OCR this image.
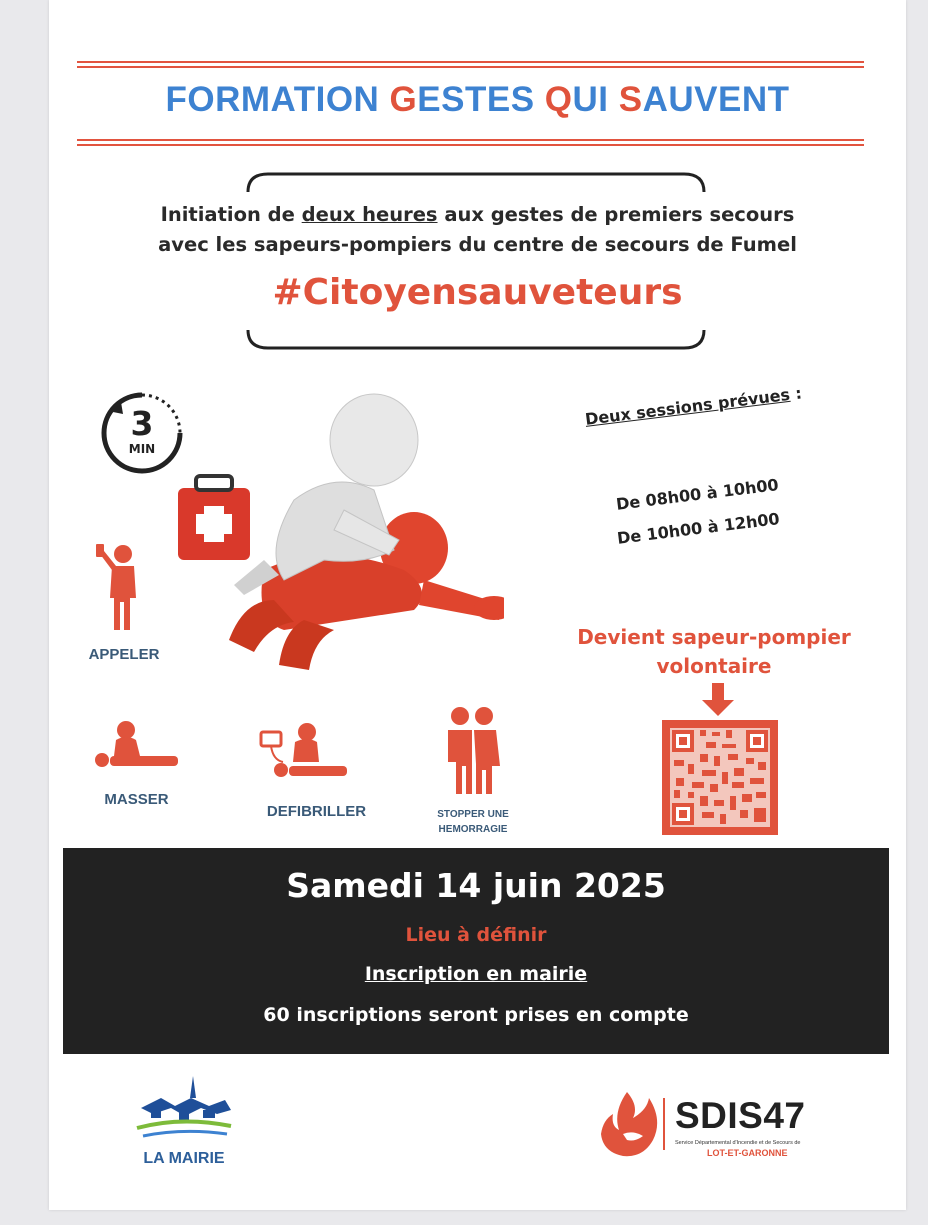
FORMATION GESTES QUI SAUVENT
Initiation de deux heures aux gestes de premiers secours
avec les sapeurs-pompiers du centre de secours de Fumel
#Citoyensauveteurs
3
MIN
Deux sessions prévues :
De 08h00 à 10h00
De 10h00 à 12h00
APPELER
Devient sapeur-pompier
volontaire
MASSER
DEFIBRILLER	STOPPER UNE
HEMORRAGIE
Samedi 14 juin 2025
Lieu à définir
Inscription en mairie
60 inscriptions seront prises en compte
LA MAIRIE
SDIS47
Service Départemental d'Incendie et de Secours de
LOT-ET-GARONNE
